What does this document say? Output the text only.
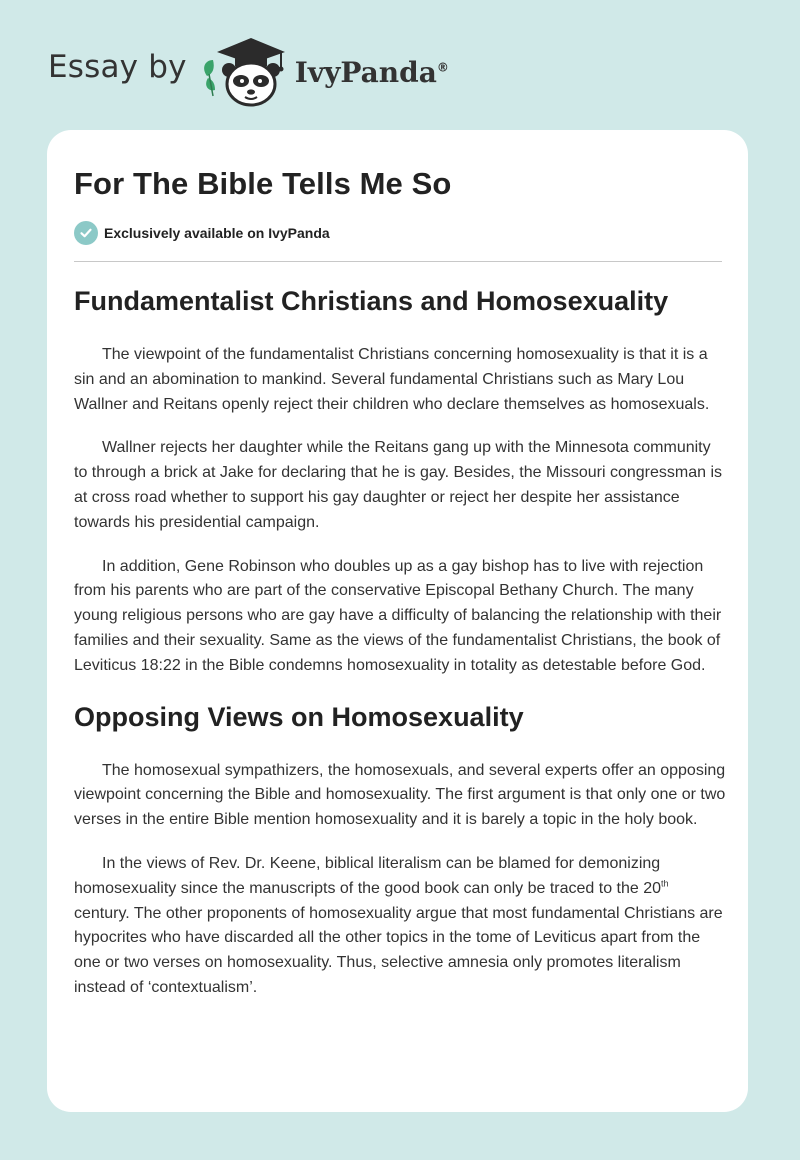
Essay by	IvyPanda®
For The Bible Tells Me So
Exclusively available on IvyPanda
Fundamentalist Christians and Homosexuality

The viewpoint of the fundamentalist Christians concerning homosexuality is that it is a sin and an abomination to mankind. Several fundamental Christians such as Mary Lou Wallner and Reitans openly reject their children who declare themselves as homosexuals.

Wallner rejects her daughter while the Reitans gang up with the Minnesota community to through a brick at Jake for declaring that he is gay. Besides, the Missouri congressman is at cross road whether to support his gay daughter or reject her despite her assistance towards his presidential campaign.

In addition, Gene Robinson who doubles up as a gay bishop has to live with rejection from his parents who are part of the conservative Episcopal Bethany Church. The many young religious persons who are gay have a difficulty of balancing the relationship with their families and their sexuality. Same as the views of the fundamentalist Christians, the book of Leviticus 18:22 in the Bible condemns homosexuality in totality as detestable before God.

Opposing Views on Homosexuality

The homosexual sympathizers, the homosexuals, and several experts offer an opposing viewpoint concerning the Bible and homosexuality. The first argument is that only one or two verses in the entire Bible mention homosexuality and it is barely a topic in the holy book.

In the views of Rev. Dr. Keene, biblical literalism can be blamed for demonizing homosexuality since the manuscripts of the good book can only be traced to the 20th century. The other proponents of homosexuality argue that most fundamental Christians are hypocrites who have discarded all the other topics in the tome of Leviticus apart from the one or two verses on homosexuality. Thus, selective amnesia only promotes literalism instead of ‘contextualism’.
